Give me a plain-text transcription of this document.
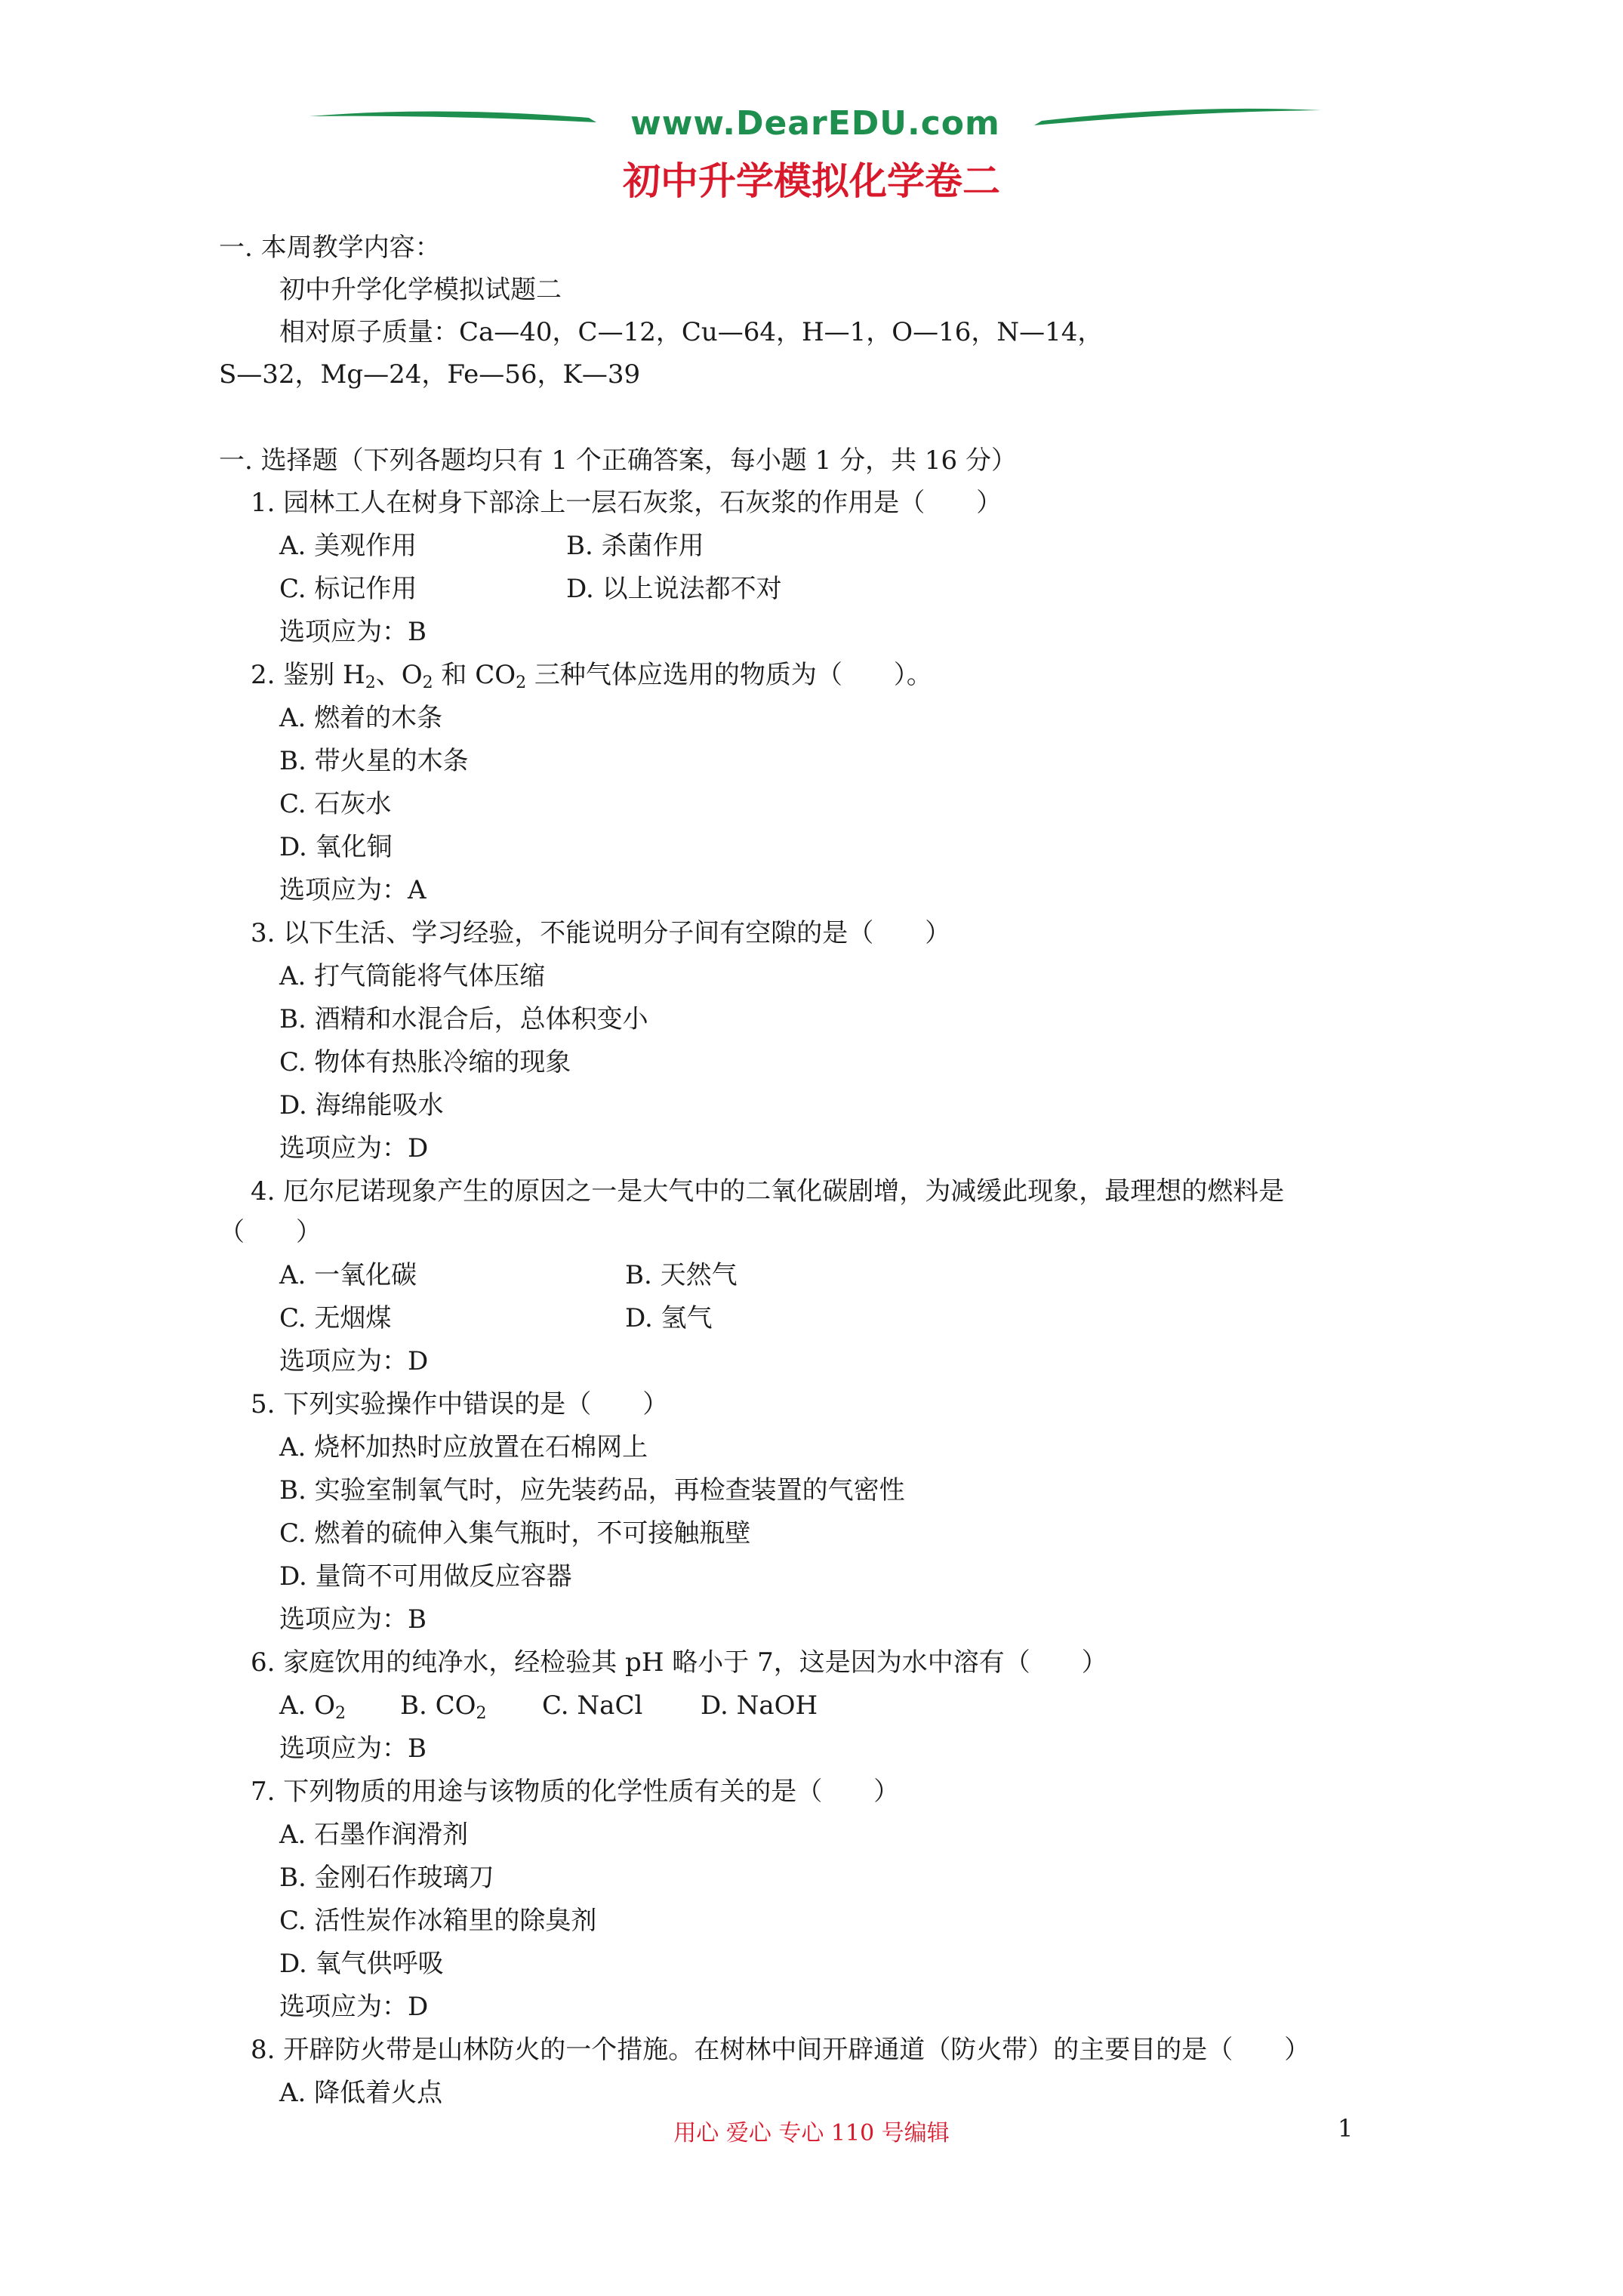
www.DearEDU.com
初中升学模拟化学卷二
一. 本周教学内容：
初中升学化学模拟试题二
相对原子质量：Ca—40，C—12，Cu—64，H—1，O—16，N—14，
S—32，Mg—24，Fe—56，K—39
一. 选择题（下列各题均只有 1 个正确答案，每小题 1 分，共 16 分）
1. 园林工人在树身下部涂上一层石灰浆，石灰浆的作用是（　　）
A. 美观作用	B. 杀菌作用
C. 标记作用	D. 以上说法都不对
选项应为：B
2. 鉴别 $H_2$、$O_2$ 和 $CO_2$ 三种气体应选用的物质为（　　）。
A. 燃着的木条
B. 带火星的木条
C. 石灰水
D. 氧化铜
选项应为：A
3. 以下生活、学习经验，不能说明分子间有空隙的是（　　）
A. 打气筒能将气体压缩
B. 酒精和水混合后，总体积变小
C. 物体有热胀冷缩的现象
D. 海绵能吸水
选项应为：D
4. 厄尔尼诺现象产生的原因之一是大气中的二氧化碳剧增，为减缓此现象，最理想的燃料是
（　　）
A. 一氧化碳	B. 天然气
C. 无烟煤	D. 氢气
选项应为：D
5. 下列实验操作中错误的是（　　）
A. 烧杯加热时应放置在石棉网上
B. 实验室制氧气时，应先装药品，再检查装置的气密性
C. 燃着的硫伸入集气瓶时，不可接触瓶壁
D. 量筒不可用做反应容器
选项应为：B
6. 家庭饮用的纯净水，经检验其 pH 略小于 7，这是因为水中溶有（　　）
A. $O_2$ B. $CO_2$ C. NaCl D. NaOH
选项应为：B
7. 下列物质的用途与该物质的化学性质有关的是（　　）
A. 石墨作润滑剂
B. 金刚石作玻璃刀
C. 活性炭作冰箱里的除臭剂
D. 氧气供呼吸
选项应为：D
8. 开辟防火带是山林防火的一个措施。在树林中间开辟通道（防火带）的主要目的是（　　）
A. 降低着火点
用心 爱心 专心 110 号编辑	1
